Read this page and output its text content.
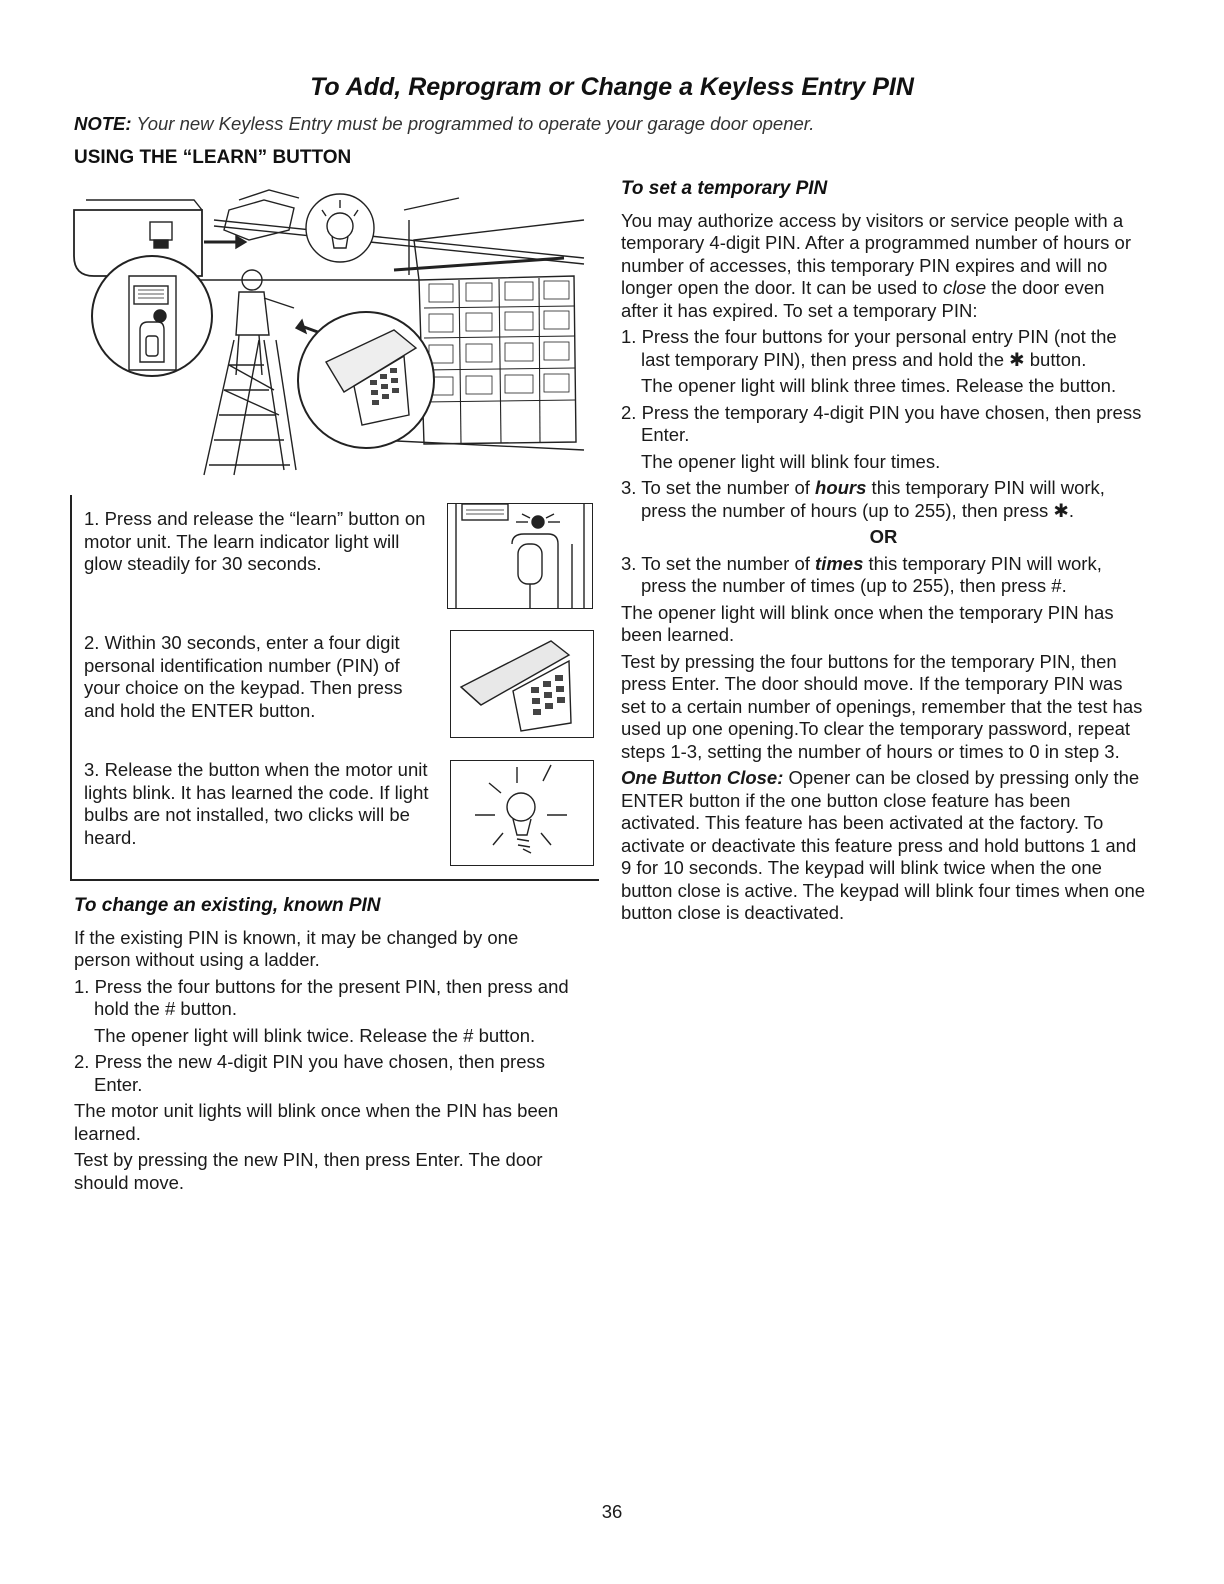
To Add, Reprogram or Change a Keyless Entry PIN
NOTE: Your new Keyless Entry must be programmed to operate your garage door opener.
USING THE “LEARN” BUTTON
1. Press and release the “learn” button on motor unit. The learn indicator light will glow steadily for 30 seconds.
2. Within 30 seconds, enter a four digit personal identification number (PIN) of your choice on the keypad. Then press and hold the ENTER button.
3. Release the button when the motor unit lights blink. It has learned the code. If light bulbs are not installed, two clicks will be heard.
To change an existing, known PIN

If the existing PIN is known, it may be changed by one person without using a ladder.

1. Press the four buttons for the present PIN, then press and hold the # button.

The opener light will blink twice. Release the # button.

2. Press the new 4-digit PIN you have chosen, then press Enter.

The motor unit lights will blink once when the PIN has been learned.

Test by pressing the new PIN, then press Enter. The door should move.

To set a temporary PIN

You may authorize access by visitors or service people with a temporary 4-digit PIN. After a programmed number of hours or number of accesses, this temporary PIN expires and will no longer open the door. It can be used to close the door even after it has expired. To set a temporary PIN:

1. Press the four buttons for your personal entry PIN (not the last temporary PIN), then press and hold the ✱ button.

The opener light will blink three times. Release the button.

2. Press the temporary 4-digit PIN you have chosen, then press Enter.

The opener light will blink four times.

3. To set the number of hours this temporary PIN will work, press the number of hours (up to 255), then press ✱.

OR

3. To set the number of times this temporary PIN will work, press the number of times (up to 255), then press #.

The opener light will blink once when the temporary PIN has been learned.

Test by pressing the four buttons for the temporary PIN, then press Enter. The door should move. If the temporary PIN was set to a certain number of openings, remember that the test has used up one opening.To clear the temporary password, repeat steps 1-3, setting the number of hours or times to 0 in step 3.

One Button Close: Opener can be closed by pressing only the ENTER button if the one button close feature has been activated. This feature has been activated at the factory. To activate or deactivate this feature press and hold buttons 1 and 9 for 10 seconds. The keypad will blink twice when the one button close is active. The keypad will blink four times when one button close is deactivated.

36
